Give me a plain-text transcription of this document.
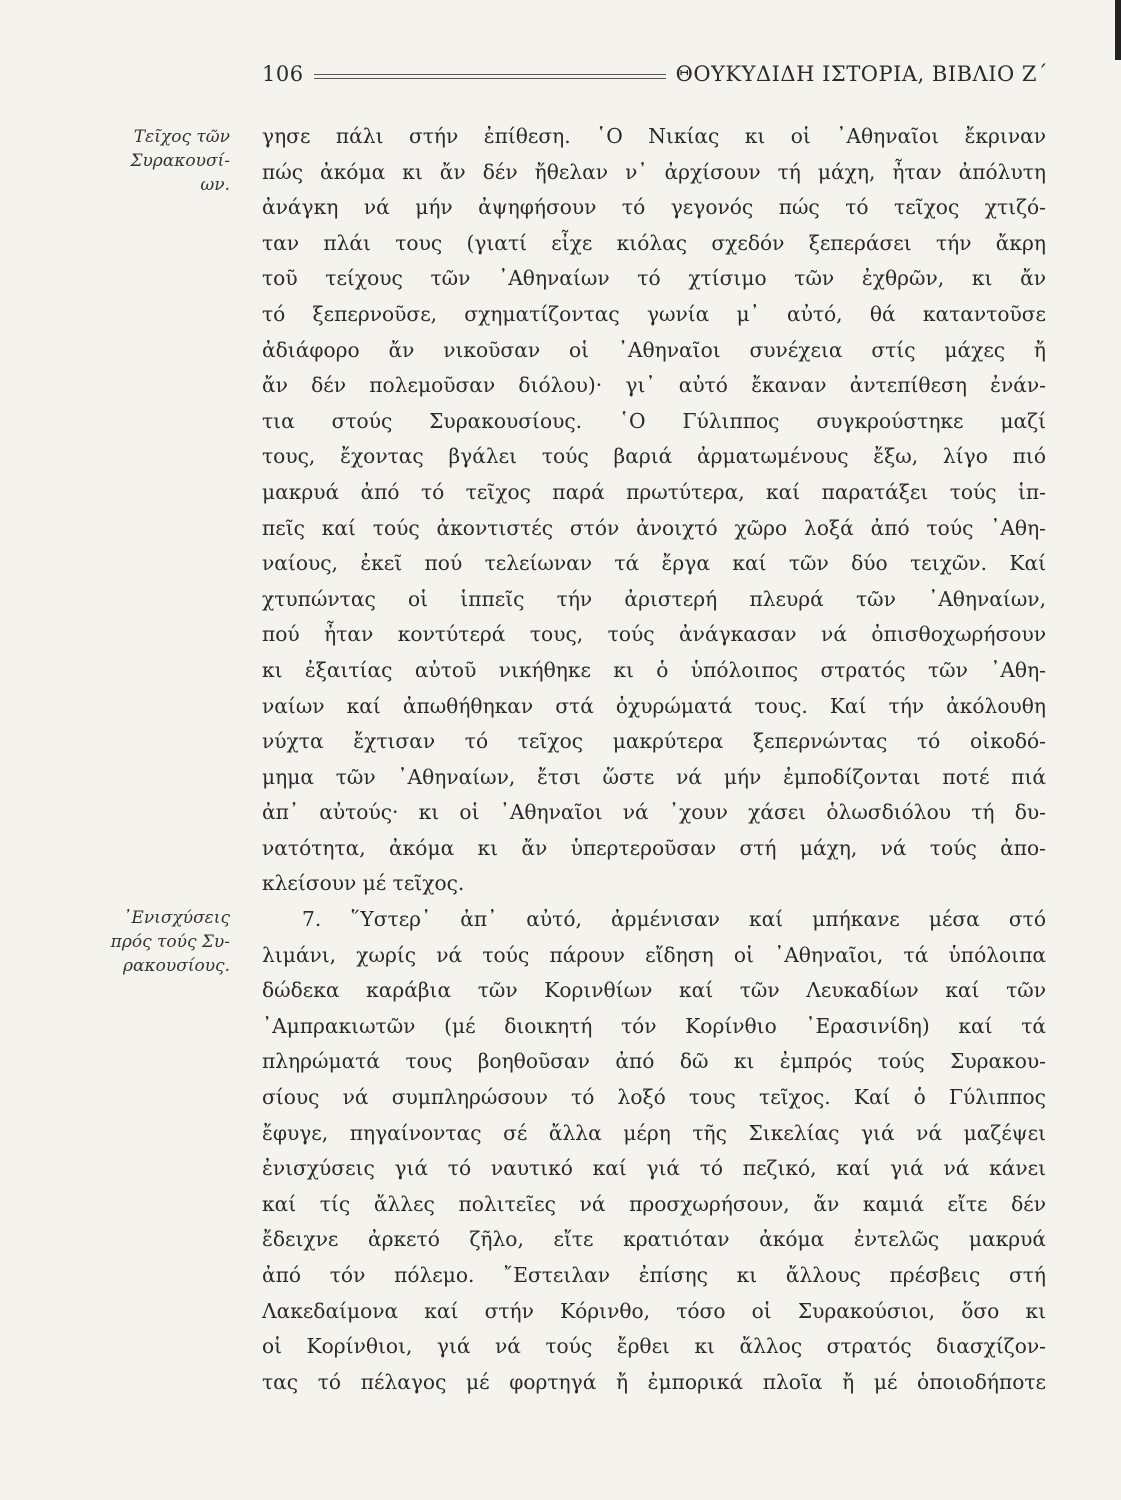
106	ΘΟΥΚΥΔΙΔΗ ΙΣΤΟΡΙΑ, ΒΙΒΛΙΟ Ζ΄
Τεῖχος τῶν
Συρακουσί-
ων.
᾿Ενισχύσεις
πρός τούς Συ-
ρακουσίους.
γησε πάλι στήν ἐπίθεση. ῾Ο Νικίας κι οἱ ᾿Αθηναῖοι ἔκριναν
πώς ἀκόμα κι ἄν δέν ἤθελαν ν᾿ ἀρχίσουν τή μάχη, ἦταν ἀπόλυτη
ἀνάγκη νά μήν ἀψηφήσουν τό γεγονός πώς τό τεῖχος χτιζό-
ταν πλάι τους (γιατί εἶχε κιόλας σχεδόν ξεπεράσει τήν ἄκρη
τοῦ τείχους τῶν ᾿Αθηναίων τό χτίσιμο τῶν ἐχθρῶν, κι ἄν
τό ξεπερνοῦσε, σχηματίζοντας γωνία μ᾿ αὐτό, θά καταντοῦσε
ἀδιάφορο ἄν νικοῦσαν οἱ ᾿Αθηναῖοι συνέχεια στίς μάχες ἤ
ἄν δέν πολεμοῦσαν διόλου)· γι᾿ αὐτό ἔκαναν ἀντεπίθεση ἐνάν-
τια στούς Συρακουσίους. ῾Ο Γύλιππος συγκρούστηκε μαζί
τους, ἔχοντας βγάλει τούς βαριά ἀρματωμένους ἔξω, λίγο πιό
μακρυά ἀπό τό τεῖχος παρά πρωτύτερα, καί παρατάξει τούς ἱπ-
πεῖς καί τούς ἀκοντιστές στόν ἀνοιχτό χῶρο λοξά ἀπό τούς ᾿Αθη-
ναίους, ἐκεῖ πού τελείωναν τά ἔργα καί τῶν δύο τειχῶν. Καί
χτυπώντας οἱ ἱππεῖς τήν ἀριστερή πλευρά τῶν ᾿Αθηναίων,
πού ἦταν κοντύτερά τους, τούς ἀνάγκασαν νά ὀπισθοχωρήσουν
κι ἐξαιτίας αὐτοῦ νικήθηκε κι ὁ ὑπόλοιπος στρατός τῶν ᾿Αθη-
ναίων καί ἀπωθήθηκαν στά ὀχυρώματά τους. Καί τήν ἀκόλουθη
νύχτα ἔχτισαν τό τεῖχος μακρύτερα ξεπερνώντας τό οἰκοδό-
μημα τῶν ᾿Αθηναίων, ἔτσι ὥστε νά μήν ἐμποδίζονται ποτέ πιά
ἀπ᾿ αὐτούς· κι οἱ ᾿Αθηναῖοι νά ᾿χουν χάσει ὁλωσδιόλου τή δυ-
νατότητα, ἀκόμα κι ἄν ὑπερτεροῦσαν στή μάχη, νά τούς ἀπο-
κλείσουν μέ τεῖχος.
7. ῞Υστερ᾿ ἀπ᾿ αὐτό, ἀρμένισαν καί μπήκανε μέσα στό
λιμάνι, χωρίς νά τούς πάρουν εἴδηση οἱ ᾿Αθηναῖοι, τά ὑπόλοιπα
δώδεκα καράβια τῶν Κορινθίων καί τῶν Λευκαδίων καί τῶν
᾿Αμπρακιωτῶν (μέ διοικητή τόν Κορίνθιο ᾿Ερασινίδη) καί τά
πληρώματά τους βοηθοῦσαν ἀπό δῶ κι ἐμπρός τούς Συρακου-
σίους νά συμπληρώσουν τό λοξό τους τεῖχος. Καί ὁ Γύλιππος
ἔφυγε, πηγαίνοντας σέ ἄλλα μέρη τῆς Σικελίας γιά νά μαζέψει
ἐνισχύσεις γιά τό ναυτικό καί γιά τό πεζικό, καί γιά νά κάνει
καί τίς ἄλλες πολιτεῖες νά προσχωρήσουν, ἄν καμιά εἴτε δέν
ἔδειχνε ἀρκετό ζῆλο, εἴτε κρατιόταν ἀκόμα ἐντελῶς μακρυά
ἀπό τόν πόλεμο. ῎Εστειλαν ἐπίσης κι ἄλλους πρέσβεις στή
Λακεδαίμονα καί στήν Κόρινθο, τόσο οἱ Συρακούσιοι, ὅσο κι
οἱ Κορίνθιοι, γιά νά τούς ἔρθει κι ἄλλος στρατός διασχίζον-
τας τό πέλαγος μέ φορτηγά ἤ ἐμπορικά πλοῖα ἤ μέ ὁποιοδήποτε
